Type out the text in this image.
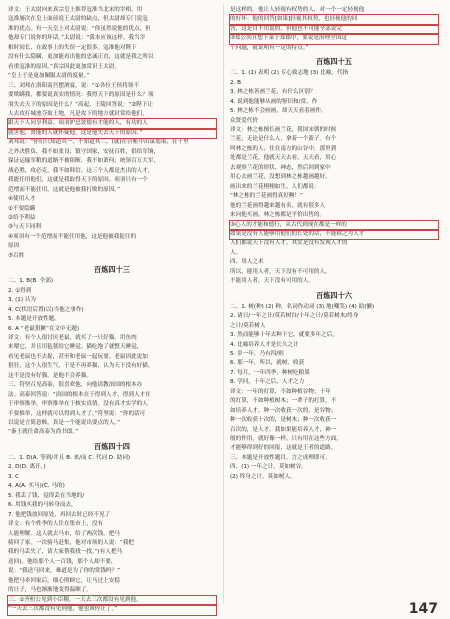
译文：王太尉向来真宗皇上推荐寇准当北宋的宰相，用

寇准屡次在皇上面前说王太尉的缺点，但太尉却专门说寇

准的优点。有一天皇上对太尉说：“你虽然说他的优点，但

他却专门说你的坏话。”太尉说：“我本应该这样。我当宰

相时间长，在政事上的失误一定很多。寇准他对陛下

没有什么隐瞒，更加能看出他的忠诚正直，这就是我之所以

看重寇准的原因。”真宗因此更加赏识王太尉。

“皇上于是更加佩服太尉的度量。”

三、刘邦在洛阳南宫摆酒宴，说：“①各位王侯将领不

要欺瞒我，都要说真实的情况：我得天下的原因是什么？项

羽失去天下的原因是什么？”高起、王陵回答说：“②陛下让

人去攻打城池夺取土地，凡是攻下的地方就封赏给他们，

跟天下人同享利益。项羽妒忌贤德有才能的人，有功的人

就害他，贤能的人就怀疑他，这是他失去天下的原因。”

刘邦说：“你们只知道其一，不知道其二。(就)在营帐中出谋划策，在千里

之外决胜负，我不如张良；镇守国家，安抚百姓，供给军饷，

保证运输军粮的道路不被阻断，我不如萧何；统领百万大军，

战必胜，攻必克，我不如韩信。这三个人都是杰出的人才，

我能任用他们，这就是我取得天下的原因。项羽只有一个

范增而不能任用，这就是他被我打败的原因。”

④使用人才

①不要隐瞒

②给予利益

③与天下同利

④项羽有一个范增而不能任用他，这是他被我捉住的

原因

⑤百姓

百炼四十三

二、1. B(B. 全部)

2. ①得到

3. (1) 认为

4. C(状语后置(以)当他之事作)

5. 本题是开放性题。

6. A “老鼠猖獗”在文中无题)

译文：有个人很讨厌老鼠，就买了一只好猫。用鱼肉

来喂它，并且用毡毯给它睡觉。猫吃饱了就整天睡觉，

看见老鼠也不去捉，甚至和老鼠一起玩耍。老鼠因此更加

猖狂，这个人很生气，于是不再养猫，认为天下没有好猫。

这不是没有好猫，是他不会养猫。

三、符坚召见高泰，很喜欢他，向他请教治国的根本办

法。高泰回答说：“治国的根本在于得到人才，得到人才在

于审察推举，审察推举在于核实真情。没有真才实学的人

不要推举，这样就可以得到人才了。”符坚说：“你的话可

以说是言简意赅，真是一个能说出要点的人。”

“秦王就任命高泰为尚书郎。”

百炼四十四

二、1. D(A. 等到/并且 B. 来/而 C. 代词 D. 助词)

2. D(D. 离开，)

3. C

4. A(A. 买马)(C. 马的)

5. 我丢了钱，觉得丢在当地的/

6. 用钱买我的马转身而去，

7. 他把钱放回原处，再回去时已经不见了

译文：有个姓李的人住在集市上，没有

人能理解。这人就去马市，给了两次钱，把马

骑回了家。一次骑马赶集，他对市场的人说：“我把

我的马丢失了，请大家帮我找一找。”(有人把马

送回)，他给那个人一百钱，那个人却不要，

说：“我送马回来，难道是为了你的赏钱吗？”

他把马牵回家后，细心照顾它，让马过上安稳

的日子，马也渐渐地变得温顺了。

三、①齐桓公见到小臣稷，一天去三次都没有见到他。

“一天去三次都没有见到他，他也该停止了。”

是这样的。他让人轻视有权势的人，对一个一定轻视他

的好坏：他的回答[如果]轻视其权势，也轻视他的回

答，这是自不用说的，但他也不可能全部说完

③郑公尚且想下菜于郑郡中，要说是治理全国这

个问题，就说明有一定的特点。”

百炼四十五

二、1. (1) 表明 (2) 专心致志地 (3) 比喻，代指

2. B

3. 林之栋善画兰花，有什么区别？

4. 说到他能够从画的鉴识和/赏，作

5. 林之栋不会画画，却天天看着画作，

众贤爱代价

译文：林之栋擅长画兰花，我国宋朝的时候

兰花，无论是什么人，拿着一个篮子。有个

叫林之栋的人，住在南方的山谷中，那里到

处都是兰花，他就天天去看，天天看，用心

去观察兰花的形状、神态，然后回到家中

用心去画兰花，没想到林之栋越画越好，

画出来的兰花栩栩如生。人们都说：

“林之栋的兰花画得真好啊！”

他的兰花画得越来越有名，就有很多人

来向他买画，林之栋都是平价出售的。

③心人的才能和德行，从古代到现在都是一样的

如果是没有人能够用他们的长处的话，不能称之为人才

人们都说天下没有人才，其实是没有发现人才的

人。

四、用人之术

所以，能用人者，天下没有不可用的人，

不能用人者，天下没有可用的人。

百炼四十六

二、1. 树(种) (2) 种，名词作动词 (3) 地(嘲笑) (4) 助(懒)

2. 诸日/一年之计/莫若树谷/十年之计/莫若树木/终身

之计/莫若树人

3. 然而能够十年去种下它，就要多年之后，

4. 比喻培养人才是长久之计

5. 岁一年，乃有四/则

6. 那一年，所以，就树、收获

7. 每月，一年四季，种树吃粮果

8. 学问，十年之后，人才之力

译文：一年的打算，不如种植谷物；十年

的打算，不如种植树木；一辈子的打算，不

如培养人才。种一次收获一次的，是谷物；

种一次收获十次的，是树木；种一次收获一

百次的，是人才。我如果能培养人才，神一

般的作用，就好像一样。只有用在这些方面，

才能够得到好的回报，这就是王者的道路。

三、本题是开放性题目，言之成理即可。

四、(1) 一年之计，莫如树谷。

(2) 终身之计，莫如树人。

147
